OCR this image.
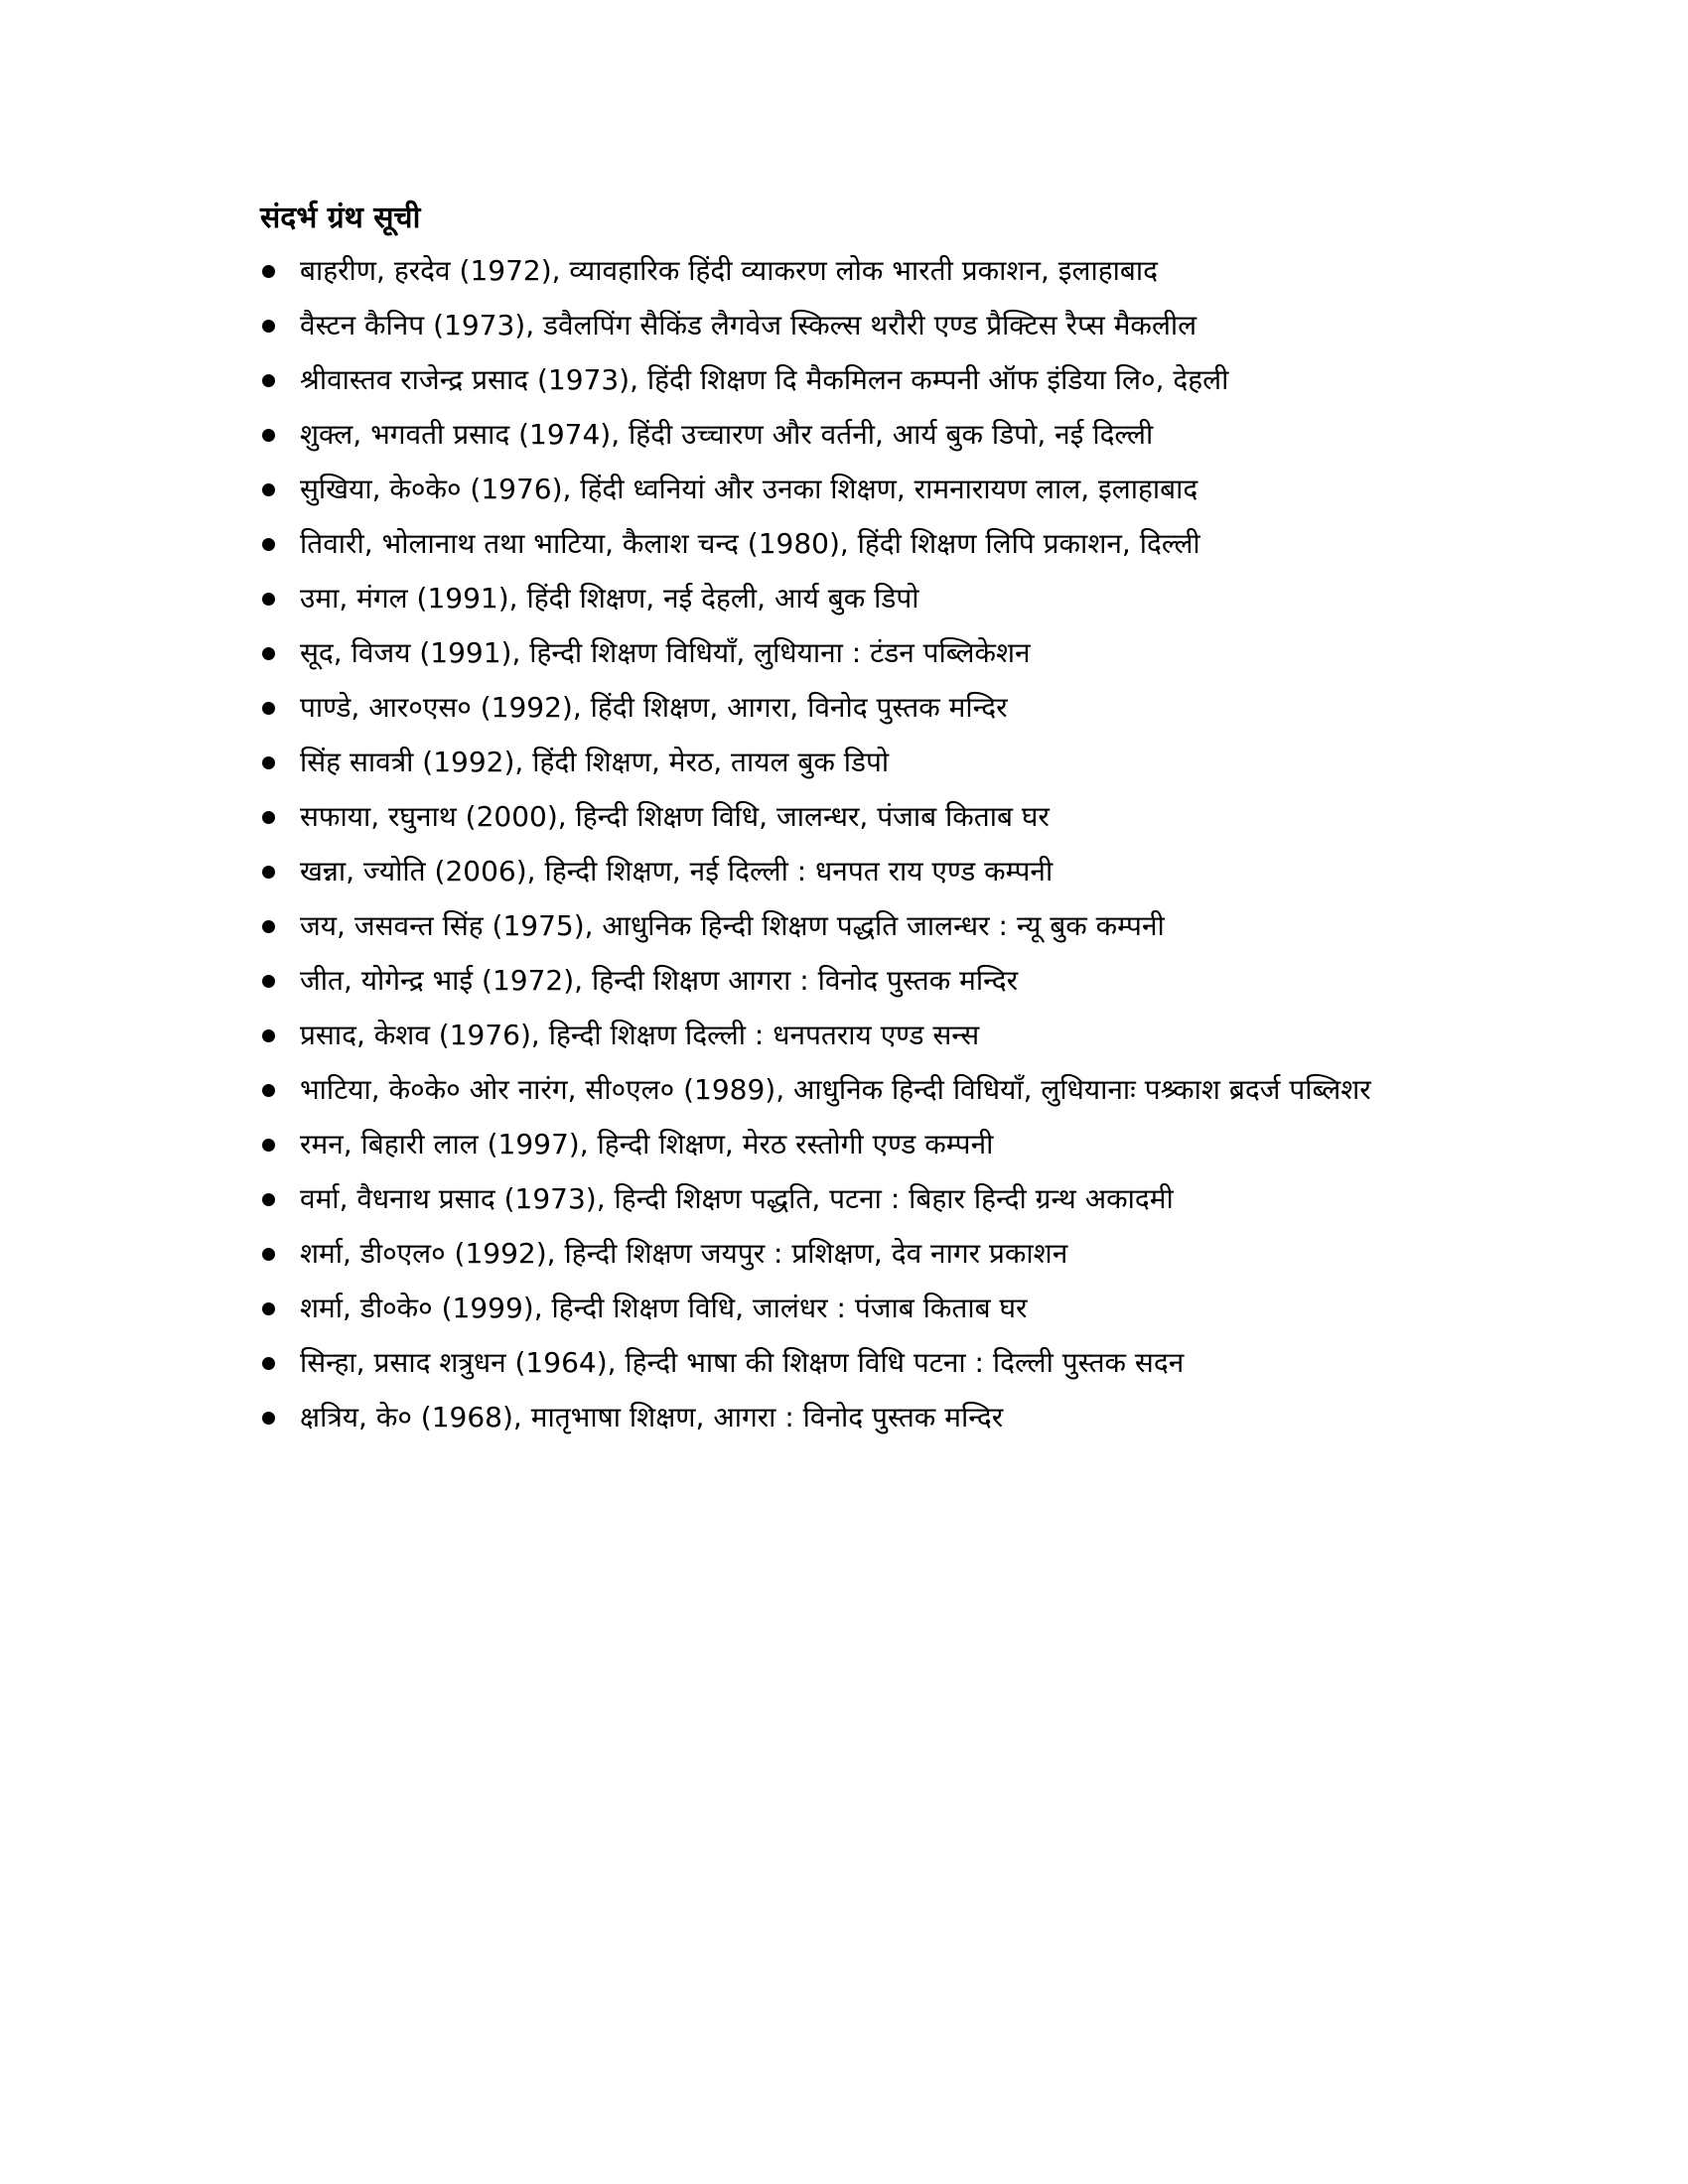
संदर्भ ग्रंथ सूची
बाहरीण, हरदेव (1972), व्यावहारिक हिंदी व्याकरण लोक भारती प्रकाशन, इलाहाबाद
वैस्टन कैनिप (1973), डवैलपिंग सैकिंड लैगवेज स्किल्स थरौरी एण्ड प्रैक्टिस रैप्स मैकलील
श्रीवास्तव राजेन्द्र प्रसाद (1973), हिंदी शिक्षण दि मैकमिलन कम्पनी ऑफ इंडिया लि०, देहली
शुक्ल, भगवती प्रसाद (1974), हिंदी उच्चारण और वर्तनी, आर्य बुक डिपो, नई दिल्ली
सुखिया, के०के० (1976), हिंदी ध्वनियां और उनका शिक्षण, रामनारायण लाल, इलाहाबाद
तिवारी, भोलानाथ तथा भाटिया, कैलाश चन्द (1980), हिंदी शिक्षण लिपि प्रकाशन, दिल्ली
उमा, मंगल (1991), हिंदी शिक्षण, नई देहली, आर्य बुक डिपो
सूद, विजय (1991), हिन्दी शिक्षण विधियाँ, लुधियाना : टंडन पब्लिकेशन
पाण्डे, आर०एस० (1992), हिंदी शिक्षण, आगरा, विनोद पुस्तक मन्दिर
सिंह सावत्री (1992), हिंदी शिक्षण, मेरठ, तायल बुक डिपो
सफाया, रघुनाथ (2000), हिन्दी शिक्षण विधि, जालन्धर, पंजाब किताब घर
खन्ना, ज्योति (2006), हिन्दी शिक्षण, नई दिल्ली : धनपत राय एण्ड कम्पनी
जय, जसवन्त सिंह (1975), आधुनिक हिन्दी शिक्षण पद्धति जालन्धर : न्यू बुक कम्पनी
जीत, योगेन्द्र भाई (1972), हिन्दी शिक्षण आगरा : विनोद पुस्तक मन्दिर
प्रसाद, केशव (1976), हिन्दी शिक्षण दिल्ली : धनपतराय एण्ड सन्स
भाटिया, के०के० ओर नारंग, सी०एल० (1989), आधुनिक हिन्दी विधियाँ, लुधियानाः पश्र्काश ब्रदर्ज पब्लिशर
रमन, बिहारी लाल (1997), हिन्दी शिक्षण, मेरठ रस्तोगी एण्ड कम्पनी
वर्मा, वैधनाथ प्रसाद (1973), हिन्दी शिक्षण पद्धति, पटना : बिहार हिन्दी ग्रन्थ अकादमी
शर्मा, डी०एल० (1992), हिन्दी शिक्षण जयपुर : प्रशिक्षण, देव नागर प्रकाशन
शर्मा, डी०के० (1999), हिन्दी शिक्षण विधि, जालंधर : पंजाब किताब घर
सिन्हा, प्रसाद शत्रुधन (1964), हिन्दी भाषा की शिक्षण विधि पटना : दिल्ली पुस्तक सदन
क्षत्रिय, के० (1968), मातृभाषा शिक्षण, आगरा : विनोद पुस्तक मन्दिर
